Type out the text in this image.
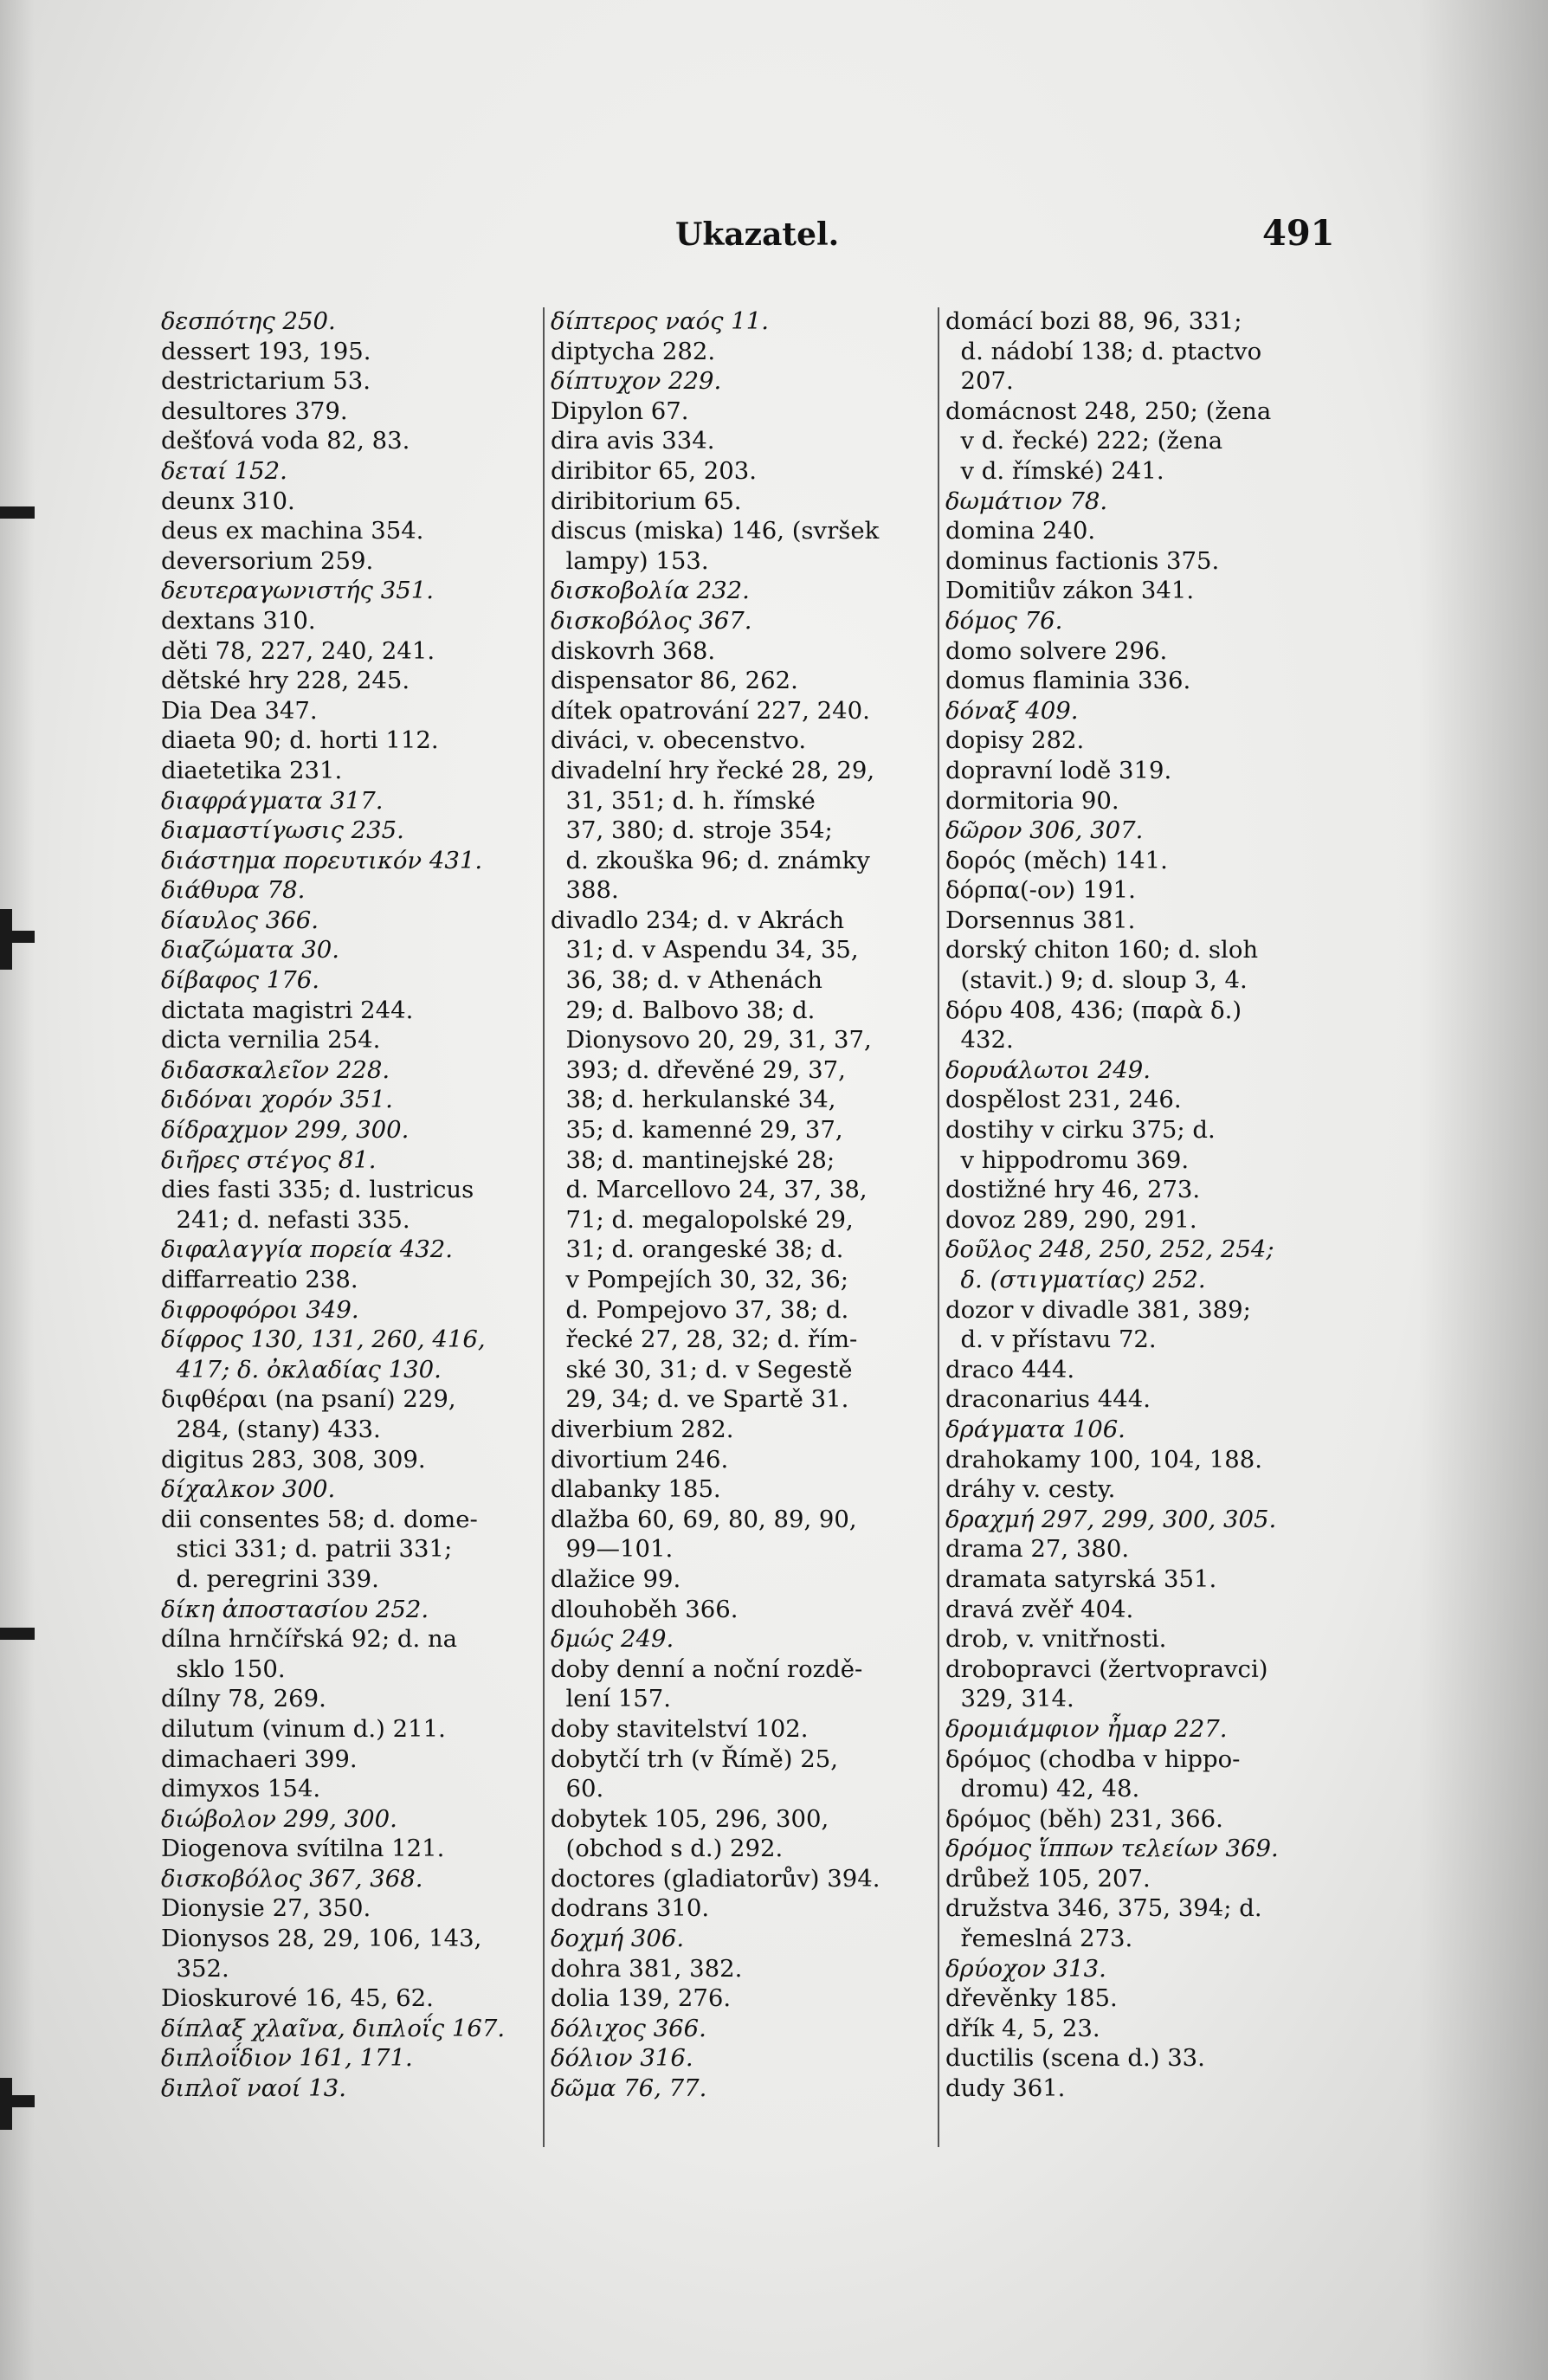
Ukazatel.	491
δεσπότης 250.
dessert 193, 195.
destrictarium 53.
desultores 379.
dešťová voda 82, 83.
δεταί 152.
deunx 310.
deus ex machina 354.
deversorium 259.
δευτεραγωνιστής 351.
dextans 310.
děti 78, 227, 240, 241.
dětské hry 228, 245.
Dia Dea 347.
diaeta 90; d. horti 112.
diaetetika 231.
διαφράγματα 317.
διαμαστίγωσις 235.
διάστημα πορευτικόν 431.
διάθυρα 78.
δίαυλος 366.
διαζώματα 30.
δίβαφος 176.
dictata magistri 244.
dicta vernilia 254.
διδασκαλεῖον 228.
διδόναι χορόν 351.
δίδραχμον 299, 300.
διῆρες στέγος 81.
dies fasti 335; d. lustricus
241; d. nefasti 335.
διφαλαγγία πορεία 432.
diffarreatio 238.
διφροφόροι 349.
δίφρος 130, 131, 260, 416,
417; δ. ὀκλαδίας 130.
διφθέραι (na psaní) 229,
284, (stany) 433.
digitus 283, 308, 309.
δίχαλκον 300.
dii consentes 58; d. dome-
stici 331; d. patrii 331;
d. peregrini 339.
δίκη ἀποστασίου 252.
dílna hrnčířská 92; d. na
sklo 150.
dílny 78, 269.
dilutum (vinum d.) 211.
dimachaeri 399.
dimyxos 154.
διώβολον 299, 300.
Diogenova svítilna 121.
δισκοβόλος 367, 368.
Dionysie 27, 350.
Dionysos 28, 29, 106, 143,
352.
Dioskurové 16, 45, 62.
δίπλαξ χλαῖνα, διπλοΐς 167.
διπλοΐδιον 161, 171.
διπλοῖ ναοί 13.
δίπτερος ναός 11.
diptycha 282.
δίπτυχον 229.
Dipylon 67.
dira avis 334.
diribitor 65, 203.
diribitorium 65.
discus (miska) 146, (svršek
lampy) 153.
δισκοβολία 232.
δισκοβόλος 367.
diskovrh 368.
dispensator 86, 262.
dítek opatrování 227, 240.
diváci, v. obecenstvo.
divadelní hry řecké 28, 29,
31, 351; d. h. římské
37, 380; d. stroje 354;
d. zkouška 96; d. známky
388.
divadlo 234; d. v Akrách
31; d. v Aspendu 34, 35,
36, 38; d. v Athenách
29; d. Balbovo 38; d.
Dionysovo 20, 29, 31, 37,
393; d. dřevěné 29, 37,
38; d. herkulanské 34,
35; d. kamenné 29, 37,
38; d. mantinejské 28;
d. Marcellovo 24, 37, 38,
71; d. megalopolské 29,
31; d. orangeské 38; d.
v Pompejích 30, 32, 36;
d. Pompejovo 37, 38; d.
řecké 27, 28, 32; d. řím-
ské 30, 31; d. v Segestě
29, 34; d. ve Spartě 31.
diverbium 282.
divortium 246.
dlabanky 185.
dlažba 60, 69, 80, 89, 90,
99—101.
dlažice 99.
dlouhoběh 366.
δμώς 249.
doby denní a noční rozdě-
lení 157.
doby stavitelství 102.
dobytčí trh (v Římě) 25,
60.
dobytek 105, 296, 300,
(obchod s d.) 292.
doctores (gladiatorův) 394.
dodrans 310.
δοχμή 306.
dohra 381, 382.
dolia 139, 276.
δόλιχος 366.
δόλιον 316.
δῶμα 76, 77.
domácí bozi 88, 96, 331;
d. nádobí 138; d. ptactvo
207.
domácnost 248, 250; (žena
v d. řecké) 222; (žena
v d. římské) 241.
δωμάτιον 78.
domina 240.
dominus factionis 375.
Domitiův zákon 341.
δόμος 76.
domo solvere 296.
domus flaminia 336.
δόναξ 409.
dopisy 282.
dopravní lodě 319.
dormitoria 90.
δῶρον 306, 307.
δορός (měch) 141.
δόρπα(-ον) 191.
Dorsennus 381.
dorský chiton 160; d. sloh
(stavit.) 9; d. sloup 3, 4.
δόρυ 408, 436; (παρὰ δ.)
432.
δορυάλωτοι 249.
dospělost 231, 246.
dostihy v cirku 375; d.
v hippodromu 369.
dostižné hry 46, 273.
dovoz 289, 290, 291.
δοῦλος 248, 250, 252, 254;
δ. (στιγματίας) 252.
dozor v divadle 381, 389;
d. v přístavu 72.
draco 444.
draconarius 444.
δράγματα 106.
drahokamy 100, 104, 188.
dráhy v. cesty.
δραχμή 297, 299, 300, 305.
drama 27, 380.
dramata satyrská 351.
dravá zvěř 404.
drob, v. vnitřnosti.
drobopravci (žertvopravci)
329, 314.
δρομιάμφιον ἦμαρ 227.
δρόμος (chodba v hippo-
dromu) 42, 48.
δρόμος (běh) 231, 366.
δρόμος ἵππων τελείων 369.
drůbež 105, 207.
družstva 346, 375, 394; d.
řemeslná 273.
δρύοχον 313.
dřevěnky 185.
dřík 4, 5, 23.
ductilis (scena d.) 33.
dudy 361.
